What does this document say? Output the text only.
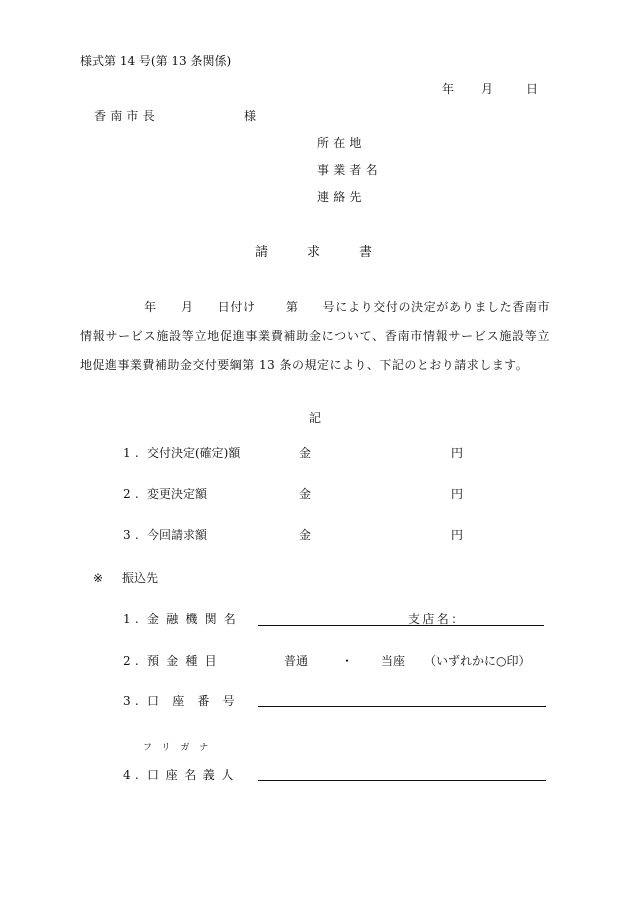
様式第 14 号(第 13 条関係)
年 月	日
香南市長	様
所在地
事業者名
連絡先
請　　　求　　　書
年 月 日付け	第 号により交付の決定がありました香南市情報サービス施設等立地促進事業費補助金について、香南市情報サービス施設等立地促進事業費補助金交付要綱第 13 条の規定により、下記のとおり請求します。
記
1. 交付決定(確定)額	金	円
2. 変更決定額	金	円
3. 今回請求額	金	円
※ 振込先
1. 金融機関名	支店名：
2. 預金種目	普通	・ 当座 （いずれかに○印）
3. 口座番号
フリガナ
4. 口座名義人
